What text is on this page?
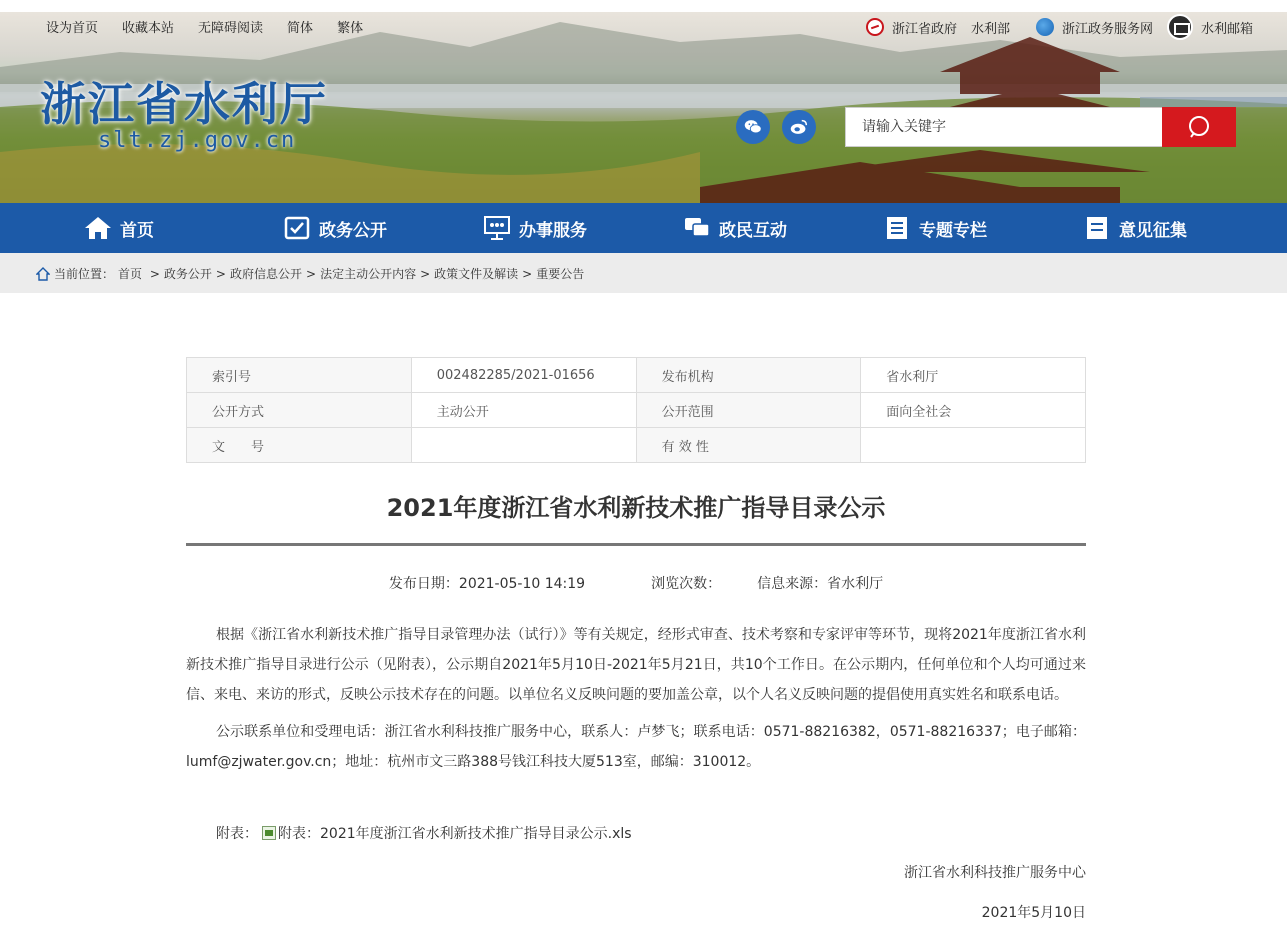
设为首页 收藏本站 无障碍阅读 简体 繁体	浙江省政府 水利部	浙江政务服务网	水利邮箱
浙江省水利厅
slt.zj.gov.cn
请输入关键字
首页	政务公开	办事服务	政民互动	专题专栏	意见征集
当前位置： 首页 > 政务公开 > 政府信息公开 > 法定主动公开内容 > 政策文件及解读 > 重要公告
索引号	002482285/2021-01656	发布机构	省水利厅
公开方式	主动公开	公开范围	面向全社会
文　　号		有 效 性	
2021年度浙江省水利新技术推广指导目录公示
发布日期：2021-05-10 14:19	浏览次数：	信息来源：省水利厅

根据《浙江省水利新技术推广指导目录管理办法（试行）》等有关规定，经形式审查、技术考察和专家评审等环节，现将2021年度浙江省水利新技术推广指导目录进行公示（见附表），公示期自2021年5月10日-2021年5月21日，共10个工作日。在公示期内，任何单位和个人均可通过来信、来电、来访的形式，反映公示技术存在的问题。以单位名义反映问题的要加盖公章，以个人名义反映问题的提倡使用真实姓名和联系电话。

公示联系单位和受理电话：浙江省水利科技推广服务中心，联系人：卢梦飞；联系电话：0571-88216382，0571-88216337；电子邮箱：lumf@zjwater.gov.cn；地址：杭州市文三路388号钱江科技大厦513室，邮编：310012。

附表： 附表：2021年度浙江省水利新技术推广指导目录公示.xls
浙江省水利科技推广服务中心
2021年5月10日
